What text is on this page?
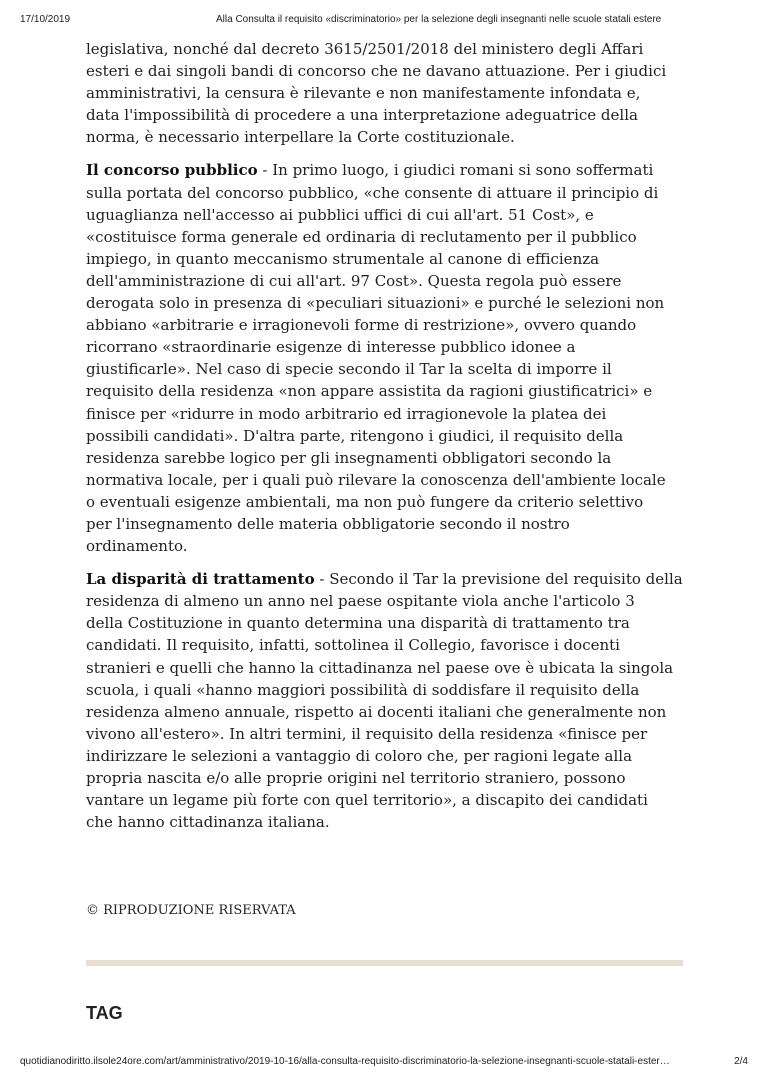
17/10/2019	Alla Consulta il requisito «discriminatorio» per la selezione degli insegnanti nelle scuole statali estere

legislativa, nonché dal decreto 3615/2501/2018 del ministero degli Affari
esteri e dai singoli bandi di concorso che ne davano attuazione. Per i giudici
amministrativi, la censura è rilevante e non manifestamente infondata e,
data l'impossibilità di procedere a una interpretazione adeguatrice della
norma, è necessario interpellare la Corte costituzionale.

Il concorso pubblico - In primo luogo, i giudici romani si sono soffermati
sulla portata del concorso pubblico, «che consente di attuare il principio di
uguaglianza nell'accesso ai pubblici uffici di cui all'art. 51 Cost», e
«costituisce forma generale ed ordinaria di reclutamento per il pubblico
impiego, in quanto meccanismo strumentale al canone di efficienza
dell'amministrazione di cui all'art. 97 Cost». Questa regola può essere
derogata solo in presenza di «peculiari situazioni» e purché le selezioni non
abbiano «arbitrarie e irragionevoli forme di restrizione», ovvero quando
ricorrano «straordinarie esigenze di interesse pubblico idonee a
giustificarle». Nel caso di specie secondo il Tar la scelta di imporre il
requisito della residenza «non appare assistita da ragioni giustificatrici» e
finisce per «ridurre in modo arbitrario ed irragionevole la platea dei
possibili candidati». D'altra parte, ritengono i giudici, il requisito della
residenza sarebbe logico per gli insegnamenti obbligatori secondo la
normativa locale, per i quali può rilevare la conoscenza dell'ambiente locale
o eventuali esigenze ambientali, ma non può fungere da criterio selettivo
per l'insegnamento delle materia obbligatorie secondo il nostro
ordinamento.

La disparità di trattamento - Secondo il Tar la previsione del requisito della
residenza di almeno un anno nel paese ospitante viola anche l'articolo 3
della Costituzione in quanto determina una disparità di trattamento tra
candidati. Il requisito, infatti, sottolinea il Collegio, favorisce i docenti
stranieri e quelli che hanno la cittadinanza nel paese ove è ubicata la singola
scuola, i quali «hanno maggiori possibilità di soddisfare il requisito della
residenza almeno annuale, rispetto ai docenti italiani che generalmente non
vivono all'estero». In altri termini, il requisito della residenza «finisce per
indirizzare le selezioni a vantaggio di coloro che, per ragioni legate alla
propria nascita e/o alle proprie origini nel territorio straniero, possono
vantare un legame più forte con quel territorio», a discapito dei candidati
che hanno cittadinanza italiana.

© RIPRODUZIONE RISERVATA
TAG
quotidianodiritto.ilsole24ore.com/art/amministrativo/2019-10-16/alla-consulta-requisito-discriminatorio-la-selezione-insegnanti-scuole-statali-ester…	2/4
